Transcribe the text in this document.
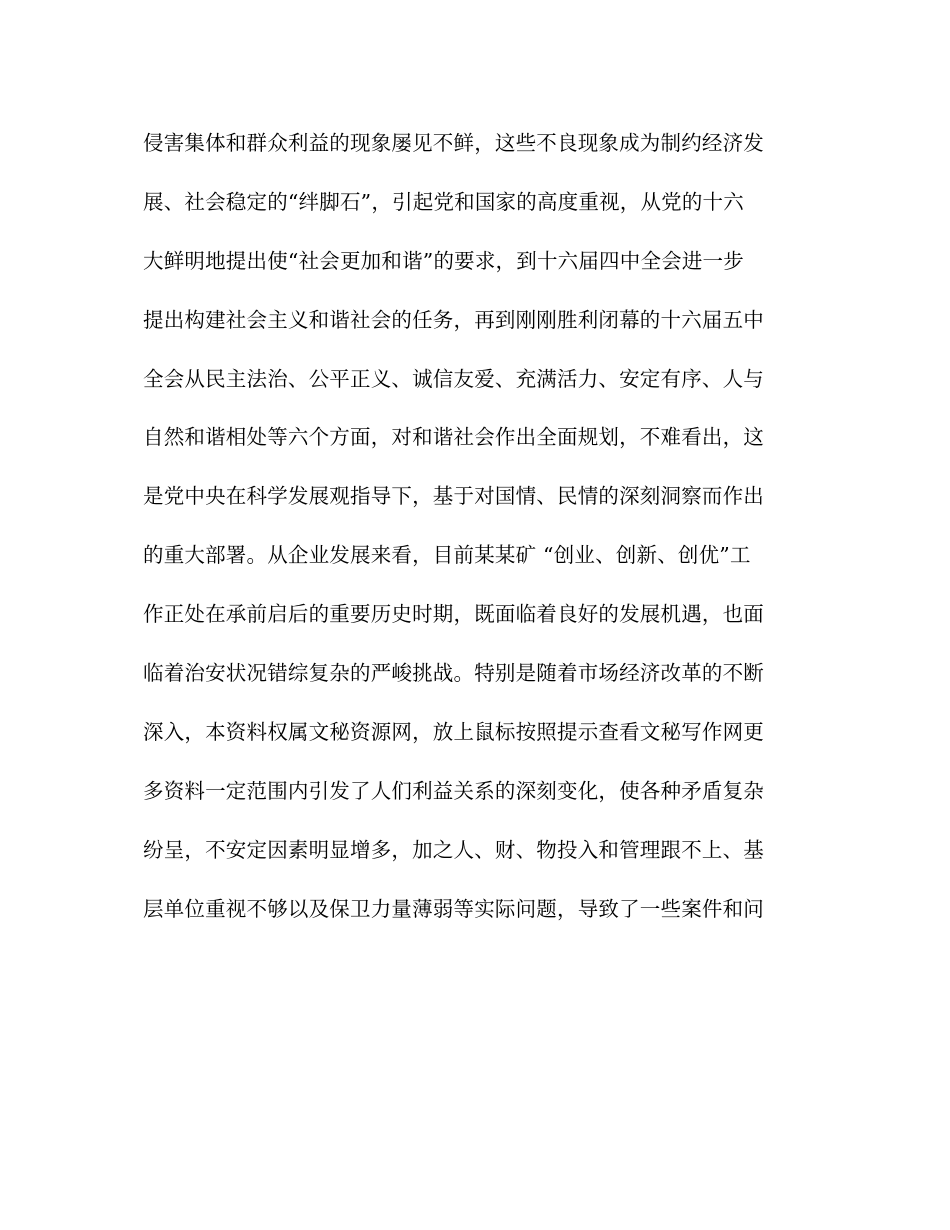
侵害集体和群众利益的现象屡见不鲜，这些不良现象成为制约经济发
展、社会稳定的“绊脚石”，引起党和国家的高度重视，从党的十六
大鲜明地提出使“社会更加和谐”的要求，到十六届四中全会进一步
提出构建社会主义和谐社会的任务，再到刚刚胜利闭幕的十六届五中
全会从民主法治、公平正义、诚信友爱、充满活力、安定有序、人与
自然和谐相处等六个方面，对和谐社会作出全面规划，不难看出，这
是党中央在科学发展观指导下，基于对国情、民情的深刻洞察而作出
的重大部署。从企业发展来看，目前某某矿 “创业、创新、创优”工
作正处在承前启后的重要历史时期，既面临着良好的发展机遇，也面
临着治安状况错综复杂的严峻挑战。特别是随着市场经济改革的不断
深入，本资料权属文秘资源网，放上鼠标按照提示查看文秘写作网更
多资料一定范围内引发了人们利益关系的深刻变化，使各种矛盾复杂
纷呈，不安定因素明显增多，加之人、财、物投入和管理跟不上、基
层单位重视不够以及保卫力量薄弱等实际问题，导致了一些案件和问
